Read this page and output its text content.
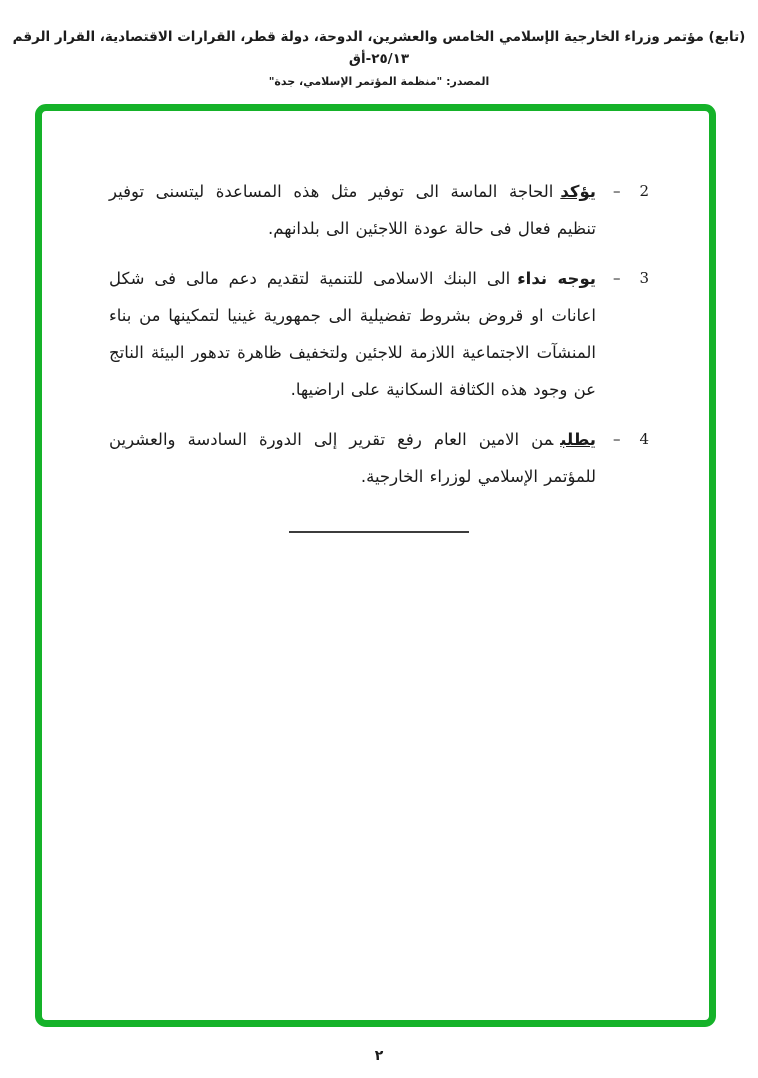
(تابع) مؤتمر وزراء الخارجية الإسلامي الخامس والعشرين، الدوحة، دولة قطر، القرارات الاقتصادية، القرار الرقم ٢٥/١٣-أق
المصدر: "منظمة المؤتمر الإسلامي، جدة"
– 2
يؤكدالحاجة الماسة الى توفير مثل هذه المساعدة ليتسنى توفير تنظيم فعال فى حالة عودة اللاجئين الى بلدانهم.
– 3
يوجه نداءالى البنك الاسلامى للتنمية لتقديم دعم مالى فى شكل اعانات او قروض بشروط تفضيلية الى جمهورية غينيا لتمكينها من بناء المنشآت الاجتماعية اللازمة للاجئين ولتخفيف ظاهرة تدهور البيئة الناتج عن وجود هذه الكثافة السكانية على اراضيها.
– 4
يطلبمن الامين العام رفع تقرير إلى الدورة السادسة والعشرين للمؤتمر الإسلامي لوزراء الخارجية.
٢
